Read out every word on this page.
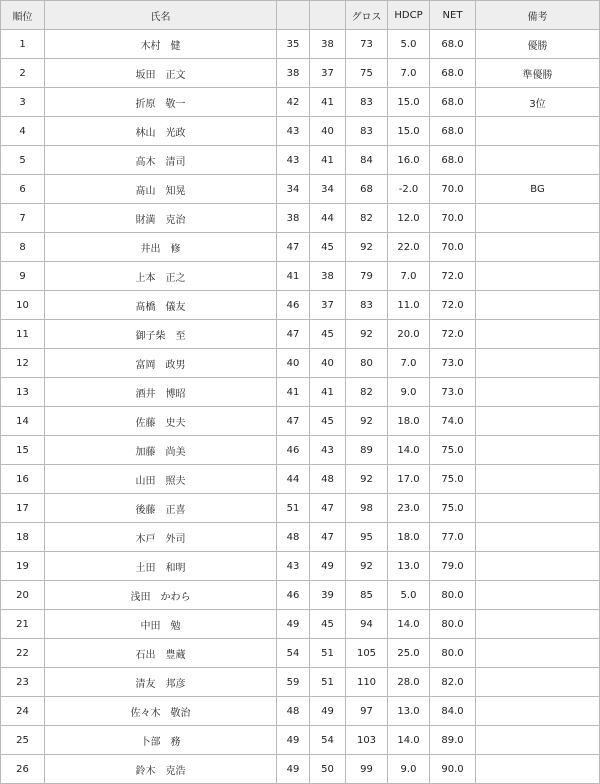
順位	氏名			グロス	HDCP	NET	備考
1	木村　健	35	38	73	5.0	68.0	優勝
2	坂田　正文	38	37	75	7.0	68.0	準優勝
3	折原　敬一	42	41	83	15.0	68.0	3位
4	林山　光政	43	40	83	15.0	68.0	
5	高木　清司	43	41	84	16.0	68.0	
6	髙山　知晃	34	34	68	-2.0	70.0	BG
7	財満　克治	38	44	82	12.0	70.0	
8	井出　修	47	45	92	22.0	70.0	
9	上本　正之	41	38	79	7.0	72.0	
10	髙橋　儀友	46	37	83	11.0	72.0	
11	御子柴　至	47	45	92	20.0	72.0	
12	富岡　政男	40	40	80	7.0	73.0	
13	酒井　博昭	41	41	82	9.0	73.0	
14	佐藤　史夫	47	45	92	18.0	74.0	
15	加藤　尚美	46	43	89	14.0	75.0	
16	山田　照夫	44	48	92	17.0	75.0	
17	後藤　正喜	51	47	98	23.0	75.0	
18	木戸　外司	48	47	95	18.0	77.0	
19	土田　和明	43	49	92	13.0	79.0	
20	浅田　かわら	46	39	85	5.0	80.0	
21	中田　勉	49	45	94	14.0	80.0	
22	石出　豊蔵	54	51	105	25.0	80.0	
23	清友　邦彦	59	51	110	28.0	82.0	
24	佐々木　敬治	48	49	97	13.0	84.0	
25	卜部　務	49	54	103	14.0	89.0	
26	鈴木　克浩	49	50	99	9.0	90.0	
